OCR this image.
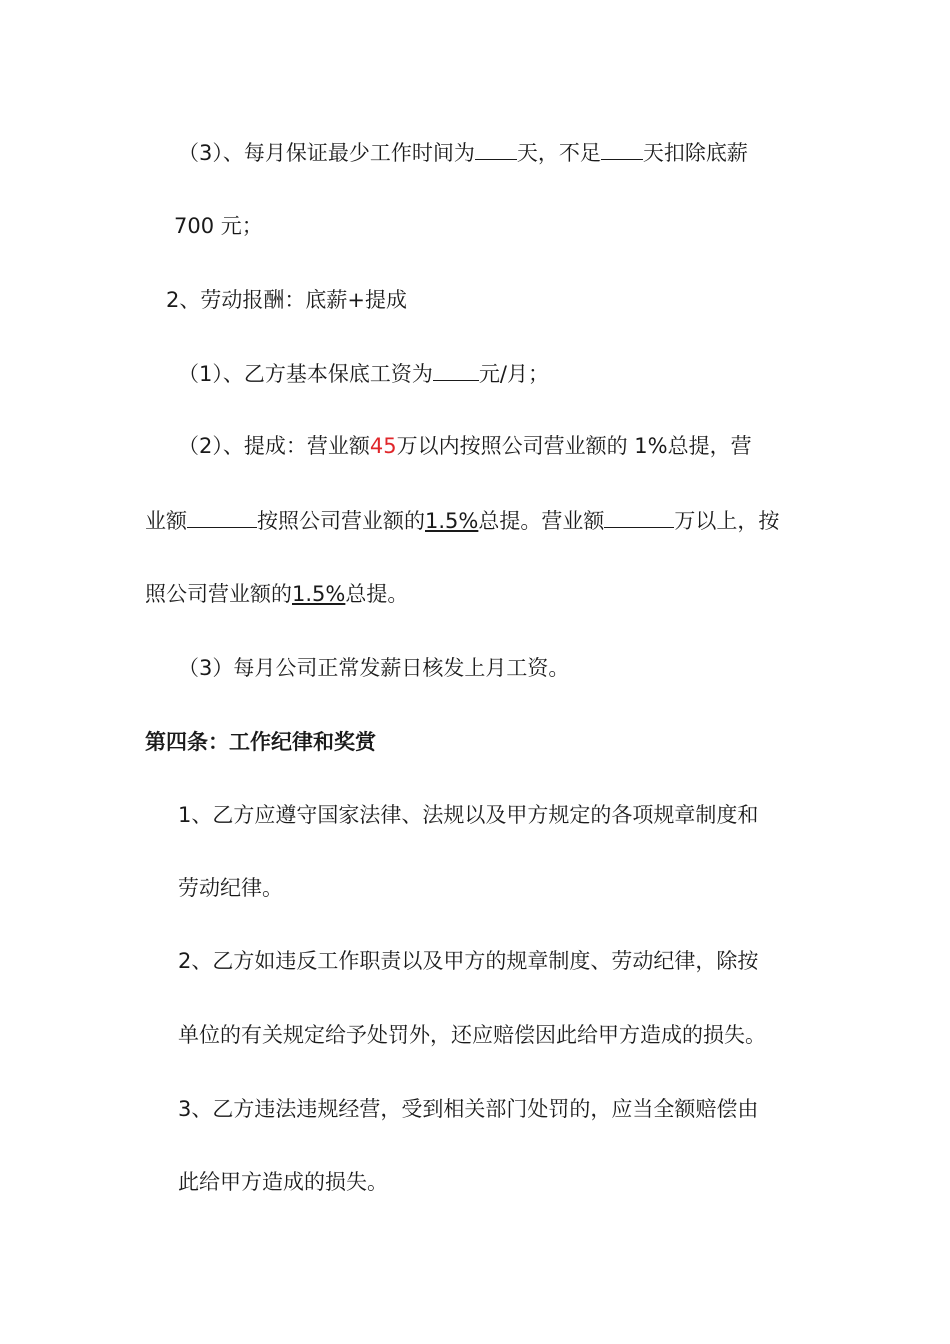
（3）、每月保证最少工作时间为 天，不足 天扣除底薪
700 元；
2、劳动报酬：底薪+提成
（1）、乙方基本保底工资为 元/月；
（2）、提成：营业额45万以内按照公司营业额的 1%总提，营
业额	按照公司营业额的1.5%总提。营业额	万以上，按
照公司营业额的1.5%总提。
（3）每月公司正常发薪日核发上月工资。
第四条：工作纪律和奖赏
1、乙方应遵守国家法律、法规以及甲方规定的各项规章制度和
劳动纪律。
2、乙方如违反工作职责以及甲方的规章制度、劳动纪律，除按
单位的有关规定给予处罚外，还应赔偿因此给甲方造成的损失。
3、乙方违法违规经营，受到相关部门处罚的，应当全额赔偿由
此给甲方造成的损失。
